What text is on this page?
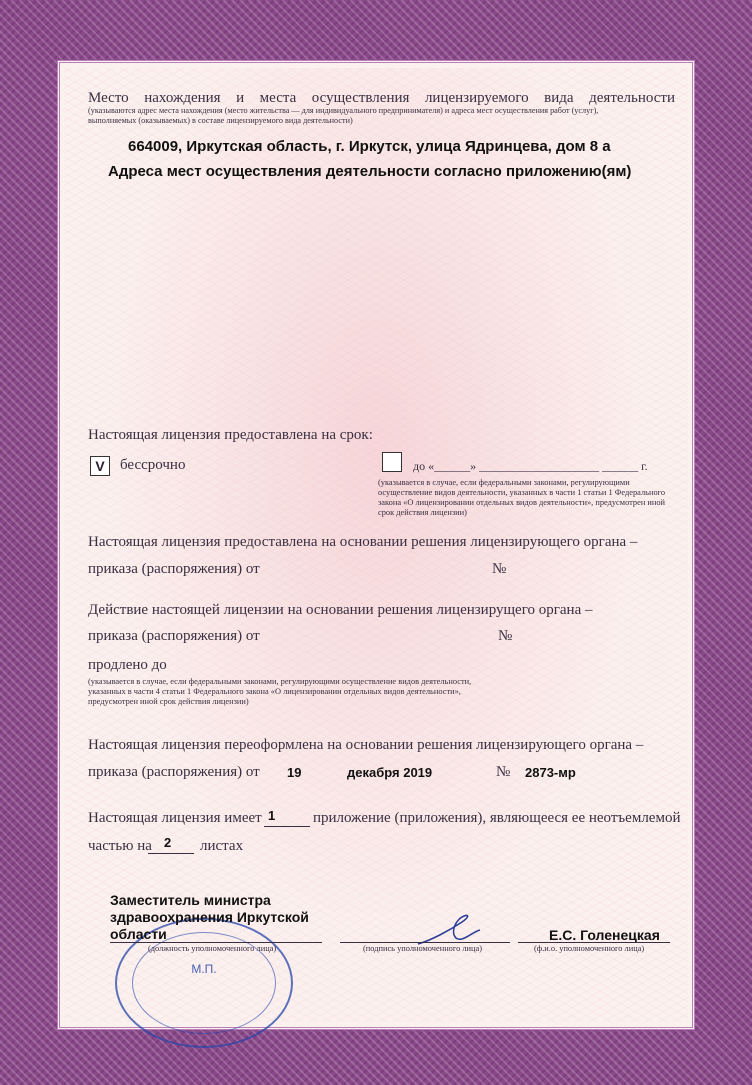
Место нахождения и места осуществления лицензируемого вида деятельности
(указываются адрес места нахождения (место жительства — для индивидуального предпринимателя) и адреса мест осуществления работ (услуг),
выполняемых (оказываемых) в составе лицензируемого вида деятельности)
664009, Иркутская область, г. Иркутск, улица Ядринцева, дом 8 а
Адреса мест осуществления деятельности согласно приложению(ям)
Настоящая лицензия предоставлена на срок:
V	бессрочно	до «______» ____________________ ______ г.
(указывается в случае, если федеральными законами, регулирующими осуществление видов деятельности, указанных в части 1 статьи 1 Федерального закона «О лицензировании отдельных видов деятельности», предусмотрен иной срок действия лицензии)
Настоящая лицензия предоставлена на основании решения лицензирующего органа –
приказа (распоряжения) от	№
Действие настоящей лицензии на основании решения лицензирущего органа –
приказа (распоряжения) от	№
продлено до
(указывается в случае, если федеральными законами, регулирующими осуществление видов деятельности, указанных в части 4 статьи 1 Федерального закона «О лицензировании отдельных видов деятельности», предусмотрен иной срок действия лицензии)
Настоящая лицензия переоформлена на основании решения лицензирующего органа –
приказа (распоряжения) от 19	декабря 2019	№ 2873-мр
Настоящая лицензия имеет 1	приложение (приложения), являющееся ее неотъемлемой
частью на 2 листах
М.П.
Заместитель министра
здравоохранения Иркутской
области
(должность уполномоченного лица)	(подпись уполномоченного лица)
Е.С. Голенецкая
(ф.и.о. уполномоченного лица)
